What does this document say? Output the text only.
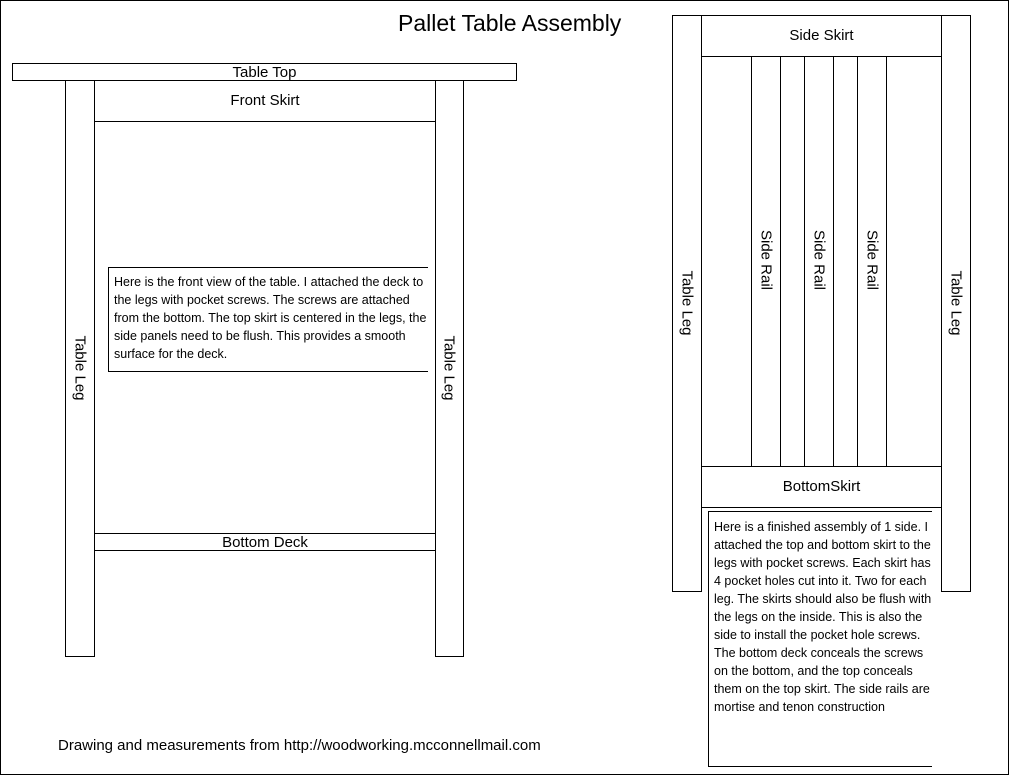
Pallet Table Assembly
Table Top
Table Leg	Table Leg
Front Skirt
Bottom Deck
Here is the front view of the table. I attached the deck to the legs with pocket screws. The screws are attached from the bottom. The top skirt is centered in the legs, the side panels need to be flush. This provides a smooth surface for the deck.
Table Leg	Table Leg
Side Skirt
Side Rail Side Rail Side Rail
BottomSkirt
Here is a finished assembly of 1 side. I attached the top and bottom skirt to the legs with pocket screws. Each skirt has 4 pocket holes cut into it. Two for each leg. The skirts should also be flush with the legs on the inside. This is also the side to install the pocket hole screws. The bottom deck conceals the screws on the bottom, and the top conceals them on the top skirt. The side rails are mortise and tenon construction
Drawing and measurements from http://woodworking.mcconnellmail.com
